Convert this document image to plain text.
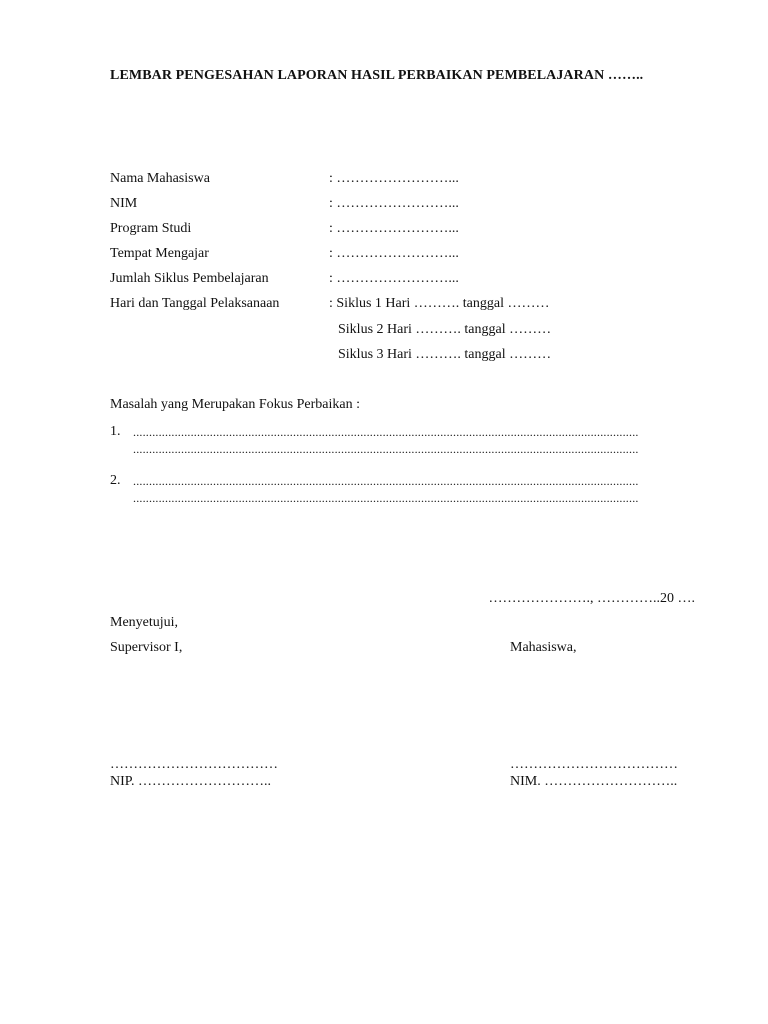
LEMBAR PENGESAHAN LAPORAN HASIL PERBAIKAN PEMBELAJARAN ……..
Nama Mahasiswa	: ……………………...
NIM	: ……………………...
Program Studi	: ……………………...
Tempat Mengajar	: ……………………...
Jumlah Siklus Pembelajaran	: ……………………...
Hari dan Tanggal Pelaksanaan	: Siklus 1 Hari ………. tanggal ………
Siklus 2 Hari ………. tanggal ………
Siklus 3 Hari ………. tanggal ………
Masalah yang Merupakan Fokus Perbaikan :
1. ..............................................................................................................................................................
..............................................................................................................................................................
2. ..............................................................................................................................................................
..............................................................................................................................................................
…………………., …………..20 ….
Menyetujui,
Supervisor I,	Mahasiswa,
………………………………	………………………………
NIP. ………………………..	NIM. ………………………..
